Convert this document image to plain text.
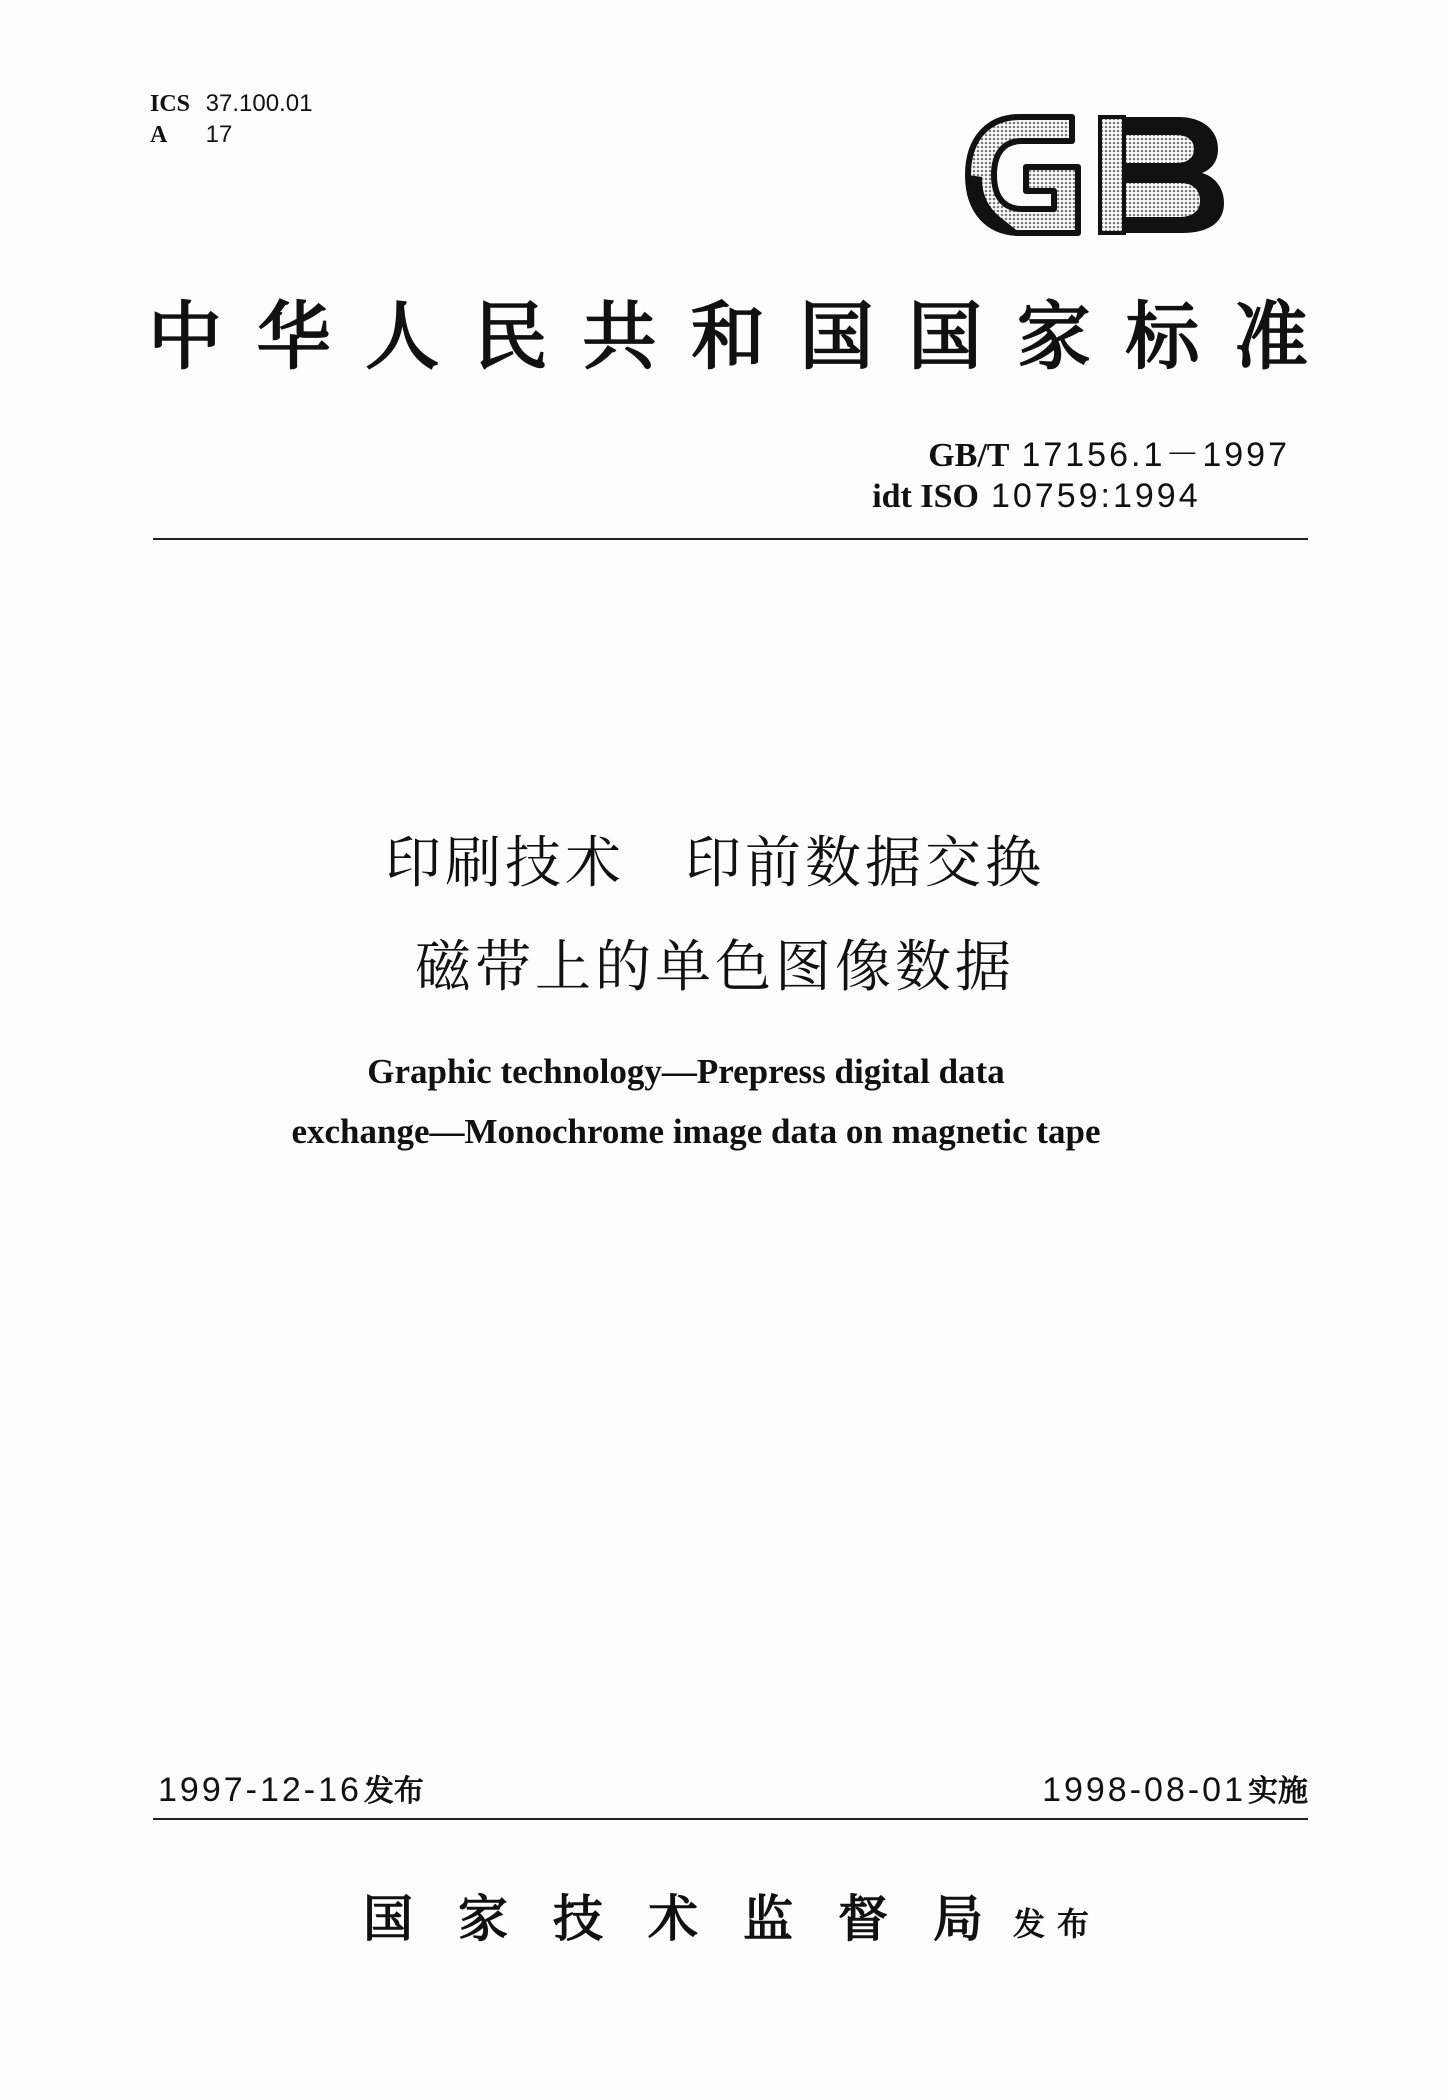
ICS 37.100.01
A 17
中 华 人 民 共 和 国 国 家 标 准
GB/T 17156.1－1997
idt ISO 10759:1994
印刷技术　印前数据交换
磁带上的单色图像数据
Graphic technology—Prepress digital data
exchange—Monochrome image data on magnetic tape
1997-12-16发布	1998-08-01实施
国 家 技 术 监 督 局 发布
